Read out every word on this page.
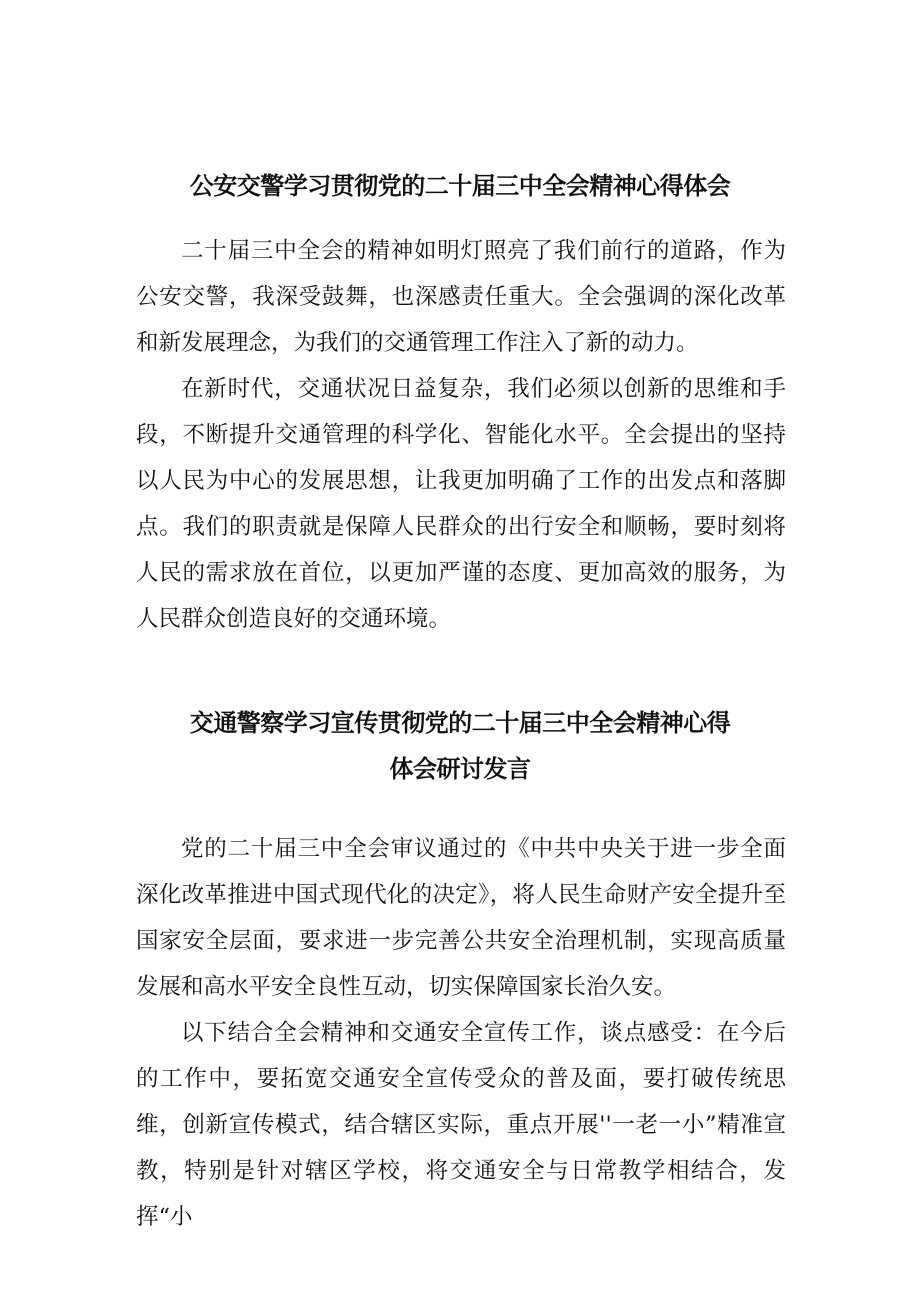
公安交警学习贯彻党的二十届三中全会精神心得体会

二十届三中全会的精神如明灯照亮了我们前行的道路，作为公安交警，我深受鼓舞，也深感责任重大。全会强调的深化改革和新发展理念，为我们的交通管理工作注入了新的动力。

在新时代，交通状况日益复杂，我们必须以创新的思维和手段，不断提升交通管理的科学化、智能化水平。全会提出的坚持以人民为中心的发展思想，让我更加明确了工作的出发点和落脚点。我们的职责就是保障人民群众的出行安全和顺畅，要时刻将人民的需求放在首位，以更加严谨的态度、更加高效的服务，为人民群众创造良好的交通环境。

交通警察学习宣传贯彻党的二十届三中全会精神心得
体会研讨发言

党的二十届三中全会审议通过的《中共中央关于进一步全面深化改革推进中国式现代化的决定》，将人民生命财产安全提升至国家安全层面，要求进一步完善公共安全治理机制，实现高质量发展和高水平安全良性互动，切实保障国家长治久安。

以下结合全会精神和交通安全宣传工作，谈点感受：在今后的工作中，要拓宽交通安全宣传受众的普及面，要打破传统思维，创新宣传模式，结合辖区实际，重点开展''一老一小”精准宣教，特别是针对辖区学校，将交通安全与日常教学相结合，发挥“小
